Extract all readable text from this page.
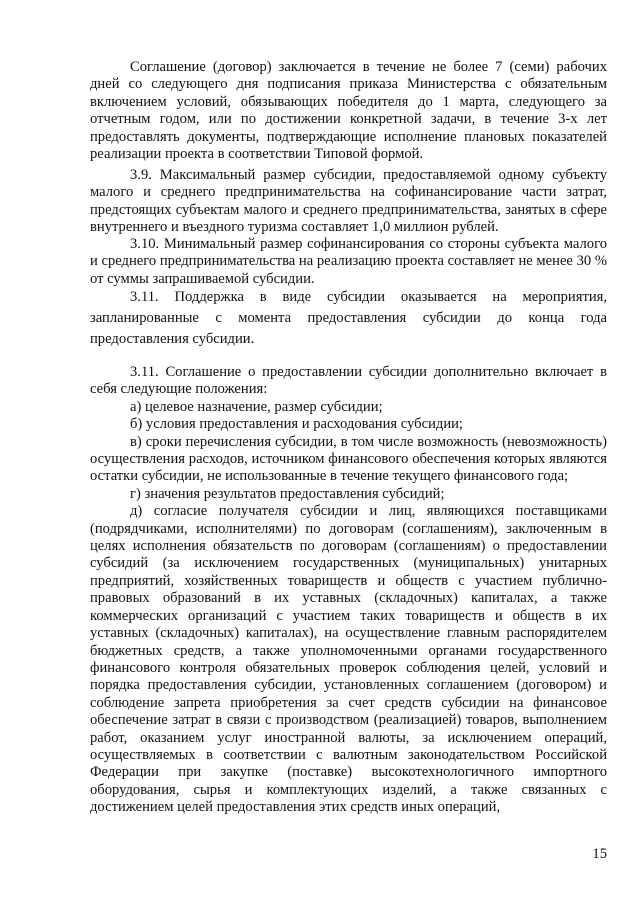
Соглашение (договор) заключается в течение не более 7 (семи) рабочих дней со следующего дня подписания приказа Министерства с обязательным включением условий, обязывающих победителя до 1 марта, следующего за отчетным годом, или по достижении конкретной задачи, в течение 3-х лет предоставлять документы, подтверждающие исполнение плановых показателей реализации проекта в соответствии Типовой формой.
3.9. Максимальный размер субсидии, предоставляемой одному субъекту малого и среднего предпринимательства на софинансирование части затрат, предстоящих субъектам малого и среднего предпринимательства, занятых в сфере внутреннего и въездного туризма составляет 1,0 миллион рублей.
3.10. Минимальный размер софинансирования со стороны субъекта малого и среднего предпринимательства на реализацию проекта составляет не менее 30 % от суммы запрашиваемой субсидии.
3.11. Поддержка в виде субсидии оказывается на мероприятия, запланированные с момента предоставления субсидии до конца года предоставления субсидии.
3.11. Соглашение о предоставлении субсидии дополнительно включает в себя следующие положения:
а) целевое назначение, размер субсидии;
б) условия предоставления и расходования субсидии;
в) сроки перечисления субсидии, в том числе возможность (невозможность) осуществления расходов, источником финансового обеспечения которых являются остатки субсидии, не использованные в течение текущего финансового года;
г) значения результатов предоставления субсидий;
д) согласие получателя субсидии и лиц, являющихся поставщиками (подрядчиками, исполнителями) по договорам (соглашениям), заключенным в целях исполнения обязательств по договорам (соглашениям) о предоставлении субсидий (за исключением государственных (муниципальных) унитарных предприятий, хозяйственных товариществ и обществ с участием публично-правовых образований в их уставных (складочных) капиталах, а также коммерческих организаций с участием таких товариществ и обществ в их уставных (складочных) капиталах), на осуществление главным распорядителем бюджетных средств, а также уполномоченными органами государственного финансового контроля обязательных проверок соблюдения целей, условий и порядка предоставления субсидии, установленных соглашением (договором) и соблюдение запрета приобретения за счет средств субсидии на финансовое обеспечение затрат в связи с производством (реализацией) товаров, выполнением работ, оказанием услуг иностранной валюты, за исключением операций, осуществляемых в соответствии с валютным законодательством Российской Федерации при закупке (поставке) высокотехнологичного импортного оборудования, сырья и комплектующих изделий, а также связанных с достижением целей предоставления этих средств иных операций,
15
